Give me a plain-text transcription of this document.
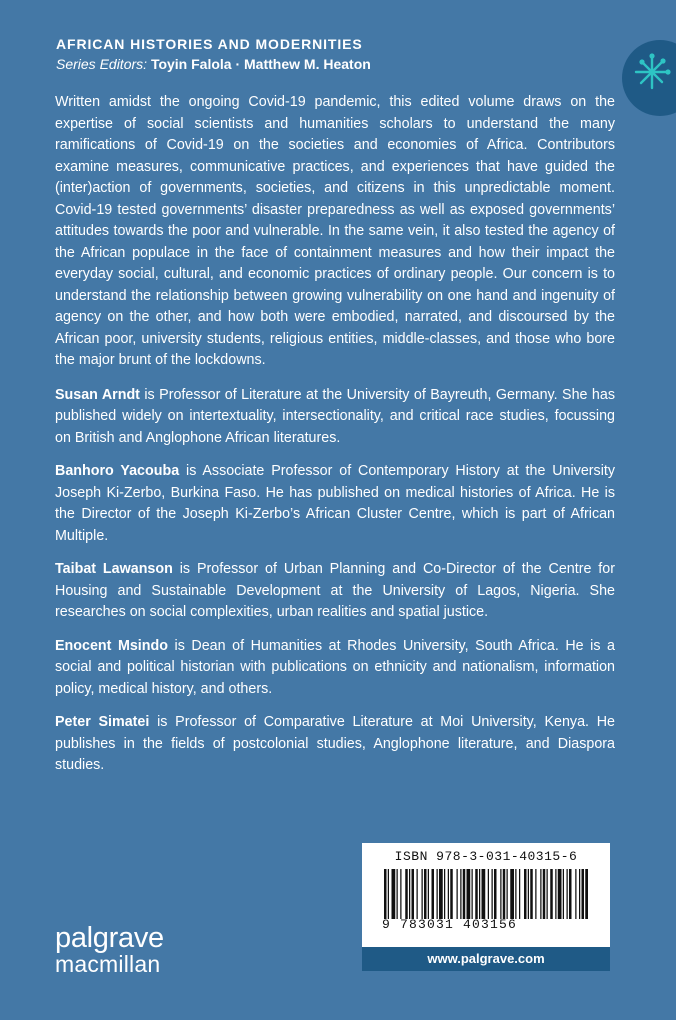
AFRICAN HISTORIES AND MODERNITIES
Series Editors: Toyin Falola · Matthew M. Heaton

Written amidst the ongoing Covid-19 pandemic, this edited volume draws on the expertise of social scientists and humanities scholars to understand the many ramifications of Covid-19 on the societies and economies of Africa. Contributors examine measures, communicative practices, and experiences that have guided the (inter)action of governments, societies, and citizens in this unpredictable moment. Covid-19 tested governments’ disaster preparedness as well as exposed governments’ attitudes towards the poor and vulnerable. In the same vein, it also tested the agency of the African populace in the face of containment measures and how their impact the everyday social, cultural, and economic practices of ordinary people. Our concern is to understand the relationship between growing vulnerability on one hand and ingenuity of agency on the other, and how both were embodied, narrated, and discoursed by the African poor, university students, religious entities, middle-classes, and those who bore the major brunt of the lockdowns.

Susan Arndt is Professor of Literature at the University of Bayreuth, Germany. She has published widely on intertextuality, intersectionality, and critical race studies, focussing on British and Anglophone African literatures.

Banhoro Yacouba is Associate Professor of Contemporary History at the University Joseph Ki-Zerbo, Burkina Faso. He has published on medical histories of Africa. He is the Director of the Joseph Ki-Zerbo’s African Cluster Centre, which is part of African Multiple.

Taibat Lawanson is Professor of Urban Planning and Co-Director of the Centre for Housing and Sustainable Development at the University of Lagos, Nigeria. She researches on social complexities, urban realities and spatial justice.

Enocent Msindo is Dean of Humanities at Rhodes University, South Africa. He is a social and political historian with publications on ethnicity and nationalism, information policy, medical history, and others.

Peter Simatei is Professor of Comparative Literature at Moi University, Kenya. He publishes in the fields of postcolonial studies, Anglophone literature, and Diaspora studies.

ISBN 978-3-031-40315-6
9 783031 403156
www.palgrave.com
palgrave
macmillan
